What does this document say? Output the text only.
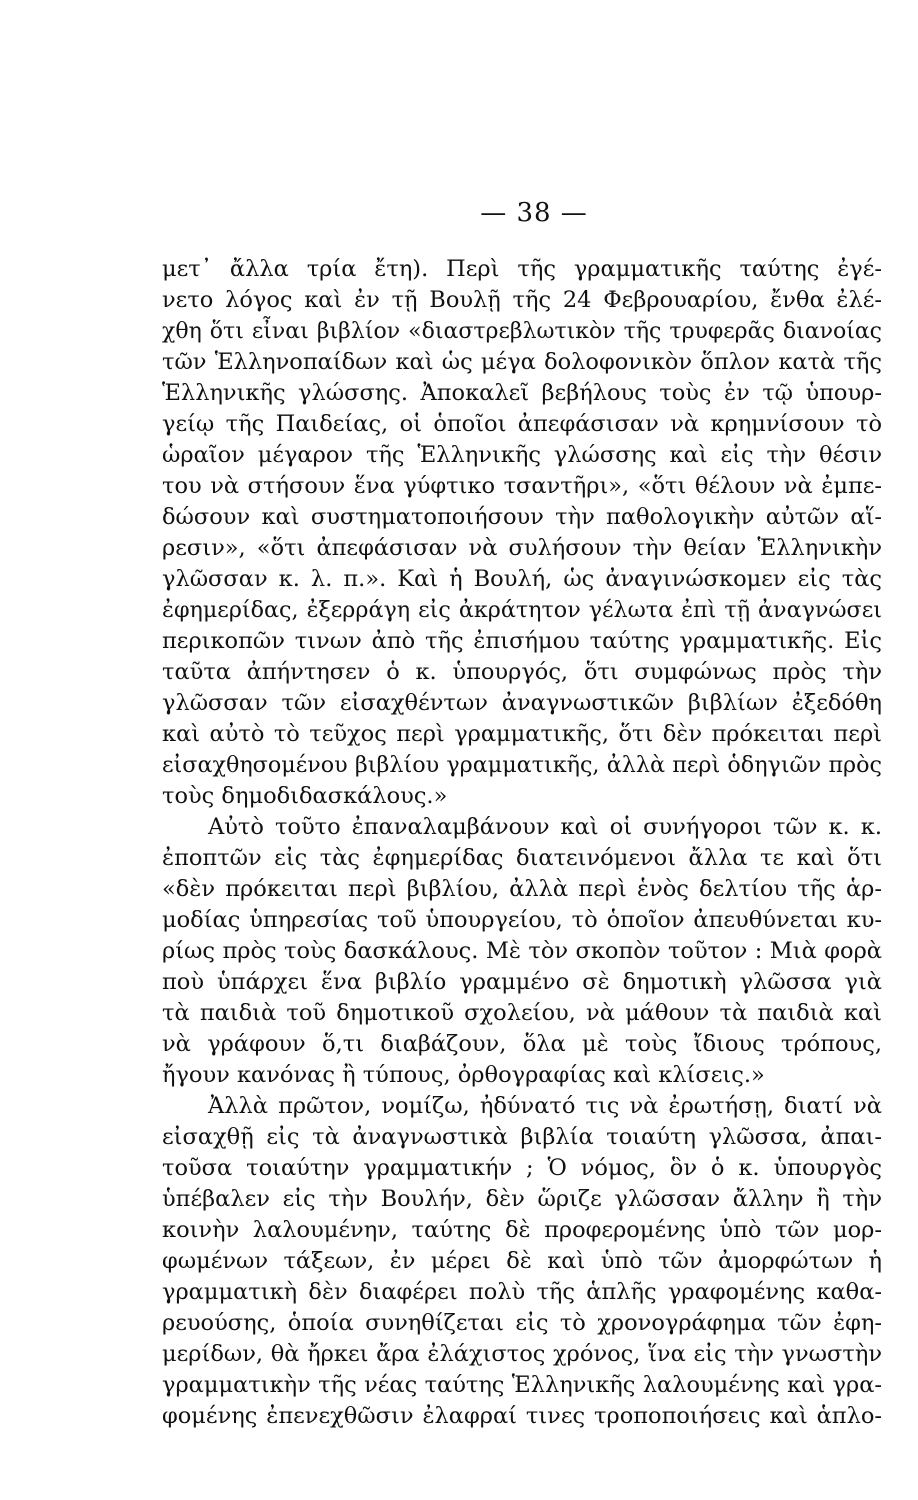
— 38 —
μετ᾽ ἄλλα τρία ἔτη). Περὶ τῆς γραμματικῆς ταύτης ἐγέ-
νετο λόγος καὶ ἐν τῇ Βουλῇ τῆς 24 Φεβρουαρίου, ἔνθα ἐλέ-
χθη ὅτι εἶναι βιβλίον «διαστρεβλωτικὸν τῆς τρυφερᾶς διανοίας
τῶν Ἑλληνοπαίδων καὶ ὡς μέγα δολοφονικὸν ὅπλον κατὰ τῆς
Ἑλληνικῆς γλώσσης. Ἀποκαλεῖ βεβήλους τοὺς ἐν τῷ ὑπουρ-
γείῳ τῆς Παιδείας, οἱ ὁποῖοι ἀπεφάσισαν νὰ κρημνίσουν τὸ
ὡραῖον μέγαρον τῆς Ἑλληνικῆς γλώσσης καὶ εἰς τὴν θέσιν
του νὰ στήσουν ἕνα γύφτικο τσαντῆρι», «ὅτι θέλουν νὰ ἐμπε-
δώσουν καὶ συστηματοποιήσουν τὴν παθολογικὴν αὐτῶν αἵ-
ρεσιν», «ὅτι ἀπεφάσισαν νὰ συλήσουν τὴν θείαν Ἑλληνικὴν
γλῶσσαν κ. λ. π.». Καὶ ἡ Βουλή, ὡς ἀναγινώσκομεν εἰς τὰς
ἐφημερίδας, ἐξερράγη εἰς ἀκράτητον γέλωτα ἐπὶ τῇ ἀναγνώσει
περικοπῶν τινων ἀπὸ τῆς ἐπισήμου ταύτης γραμματικῆς. Εἰς
ταῦτα ἀπήντησεν ὁ κ. ὑπουργός, ὅτι συμφώνως πρὸς τὴν
γλῶσσαν τῶν εἰσαχθέντων ἀναγνωστικῶν βιβλίων ἐξεδόθη
καὶ αὐτὸ τὸ τεῦχος περὶ γραμματικῆς, ὅτι δὲν πρόκειται περὶ
εἰσαχθησομένου βιβλίου γραμματικῆς, ἀλλὰ περὶ ὁδηγιῶν πρὸς
τοὺς δημοδιδασκάλους.»
Αὐτὸ τοῦτο ἐπαναλαμβάνουν καὶ οἱ συνήγοροι τῶν κ. κ.
ἐποπτῶν εἰς τὰς ἐφημερίδας διατεινόμενοι ἄλλα τε καὶ ὅτι
«δὲν πρόκειται περὶ βιβλίου, ἀλλὰ περὶ ἑνὸς δελτίου τῆς ἁρ-
μοδίας ὑπηρεσίας τοῦ ὑπουργείου, τὸ ὁποῖον ἀπευθύνεται κυ-
ρίως πρὸς τοὺς δασκάλους. Μὲ τὸν σκοπὸν τοῦτον : Μιὰ φορὰ
ποὺ ὑπάρχει ἕνα βιβλίο γραμμένο σὲ δημοτικὴ γλῶσσα γιὰ
τὰ παιδιὰ τοῦ δημοτικοῦ σχολείου, νὰ μάθουν τὰ παιδιὰ καὶ
νὰ γράφουν ὅ,τι διαβάζουν, ὅλα μὲ τοὺς ἴδιους τρόπους,
ἤγουν κανόνας ἢ τύπους, ὀρθογραφίας καὶ κλίσεις.»
Ἀλλὰ πρῶτον, νομίζω, ἠδύνατό τις νὰ ἐρωτήσῃ, διατί νὰ
εἰσαχθῇ εἰς τὰ ἀναγνωστικὰ βιβλία τοιαύτη γλῶσσα, ἀπαι-
τοῦσα τοιαύτην γραμματικήν ; Ὁ νόμος, ὃν ὁ κ. ὑπουργὸς
ὑπέβαλεν εἰς τὴν Βουλήν, δὲν ὥριζε γλῶσσαν ἄλλην ἢ τὴν
κοινὴν λαλουμένην, ταύτης δὲ προφερομένης ὑπὸ τῶν μορ-
φωμένων τάξεων, ἐν μέρει δὲ καὶ ὑπὸ τῶν ἀμορφώτων ἡ
γραμματικὴ δὲν διαφέρει πολὺ τῆς ἁπλῆς γραφομένης καθα-
ρευούσης, ὁποία συνηθίζεται εἰς τὸ χρονογράφημα τῶν ἐφη-
μερίδων, θὰ ἤρκει ἄρα ἐλάχιστος χρόνος, ἵνα εἰς τὴν γνωστὴν
γραμματικὴν τῆς νέας ταύτης Ἑλληνικῆς λαλουμένης καὶ γρα-
φομένης ἐπενεχθῶσιν ἐλαφραί τινες τροποποιήσεις καὶ ἁπλο-
